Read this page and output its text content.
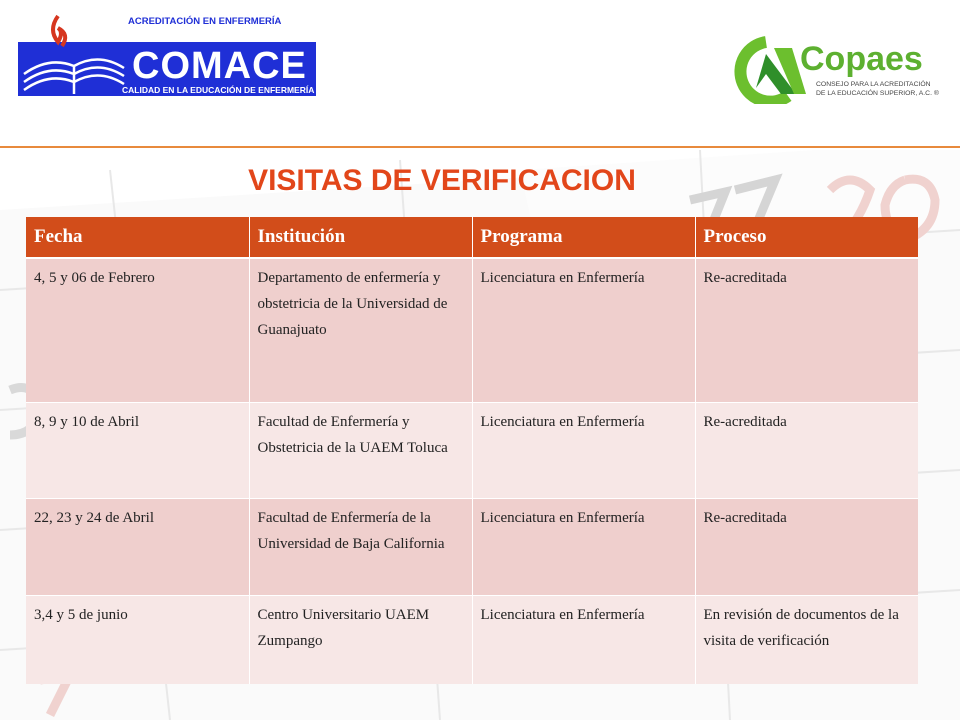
ACREDITACIÓN EN ENFERMERÍA
COMACE
CALIDAD EN LA EDUCACIÓN DE ENFERMERÍA
Copaes
CONSEJO PARA LA ACREDITACIÓN
DE LA EDUCACIÓN SUPERIOR, A.C. ®
VISITAS DE VERIFICACION
Fecha	Institución	Programa	Proceso
4, 5 y 06 de Febrero	Departamento de enfermería y obstetricia de la Universidad de Guanajuato	Licenciatura en Enfermería	Re-acreditada
8, 9 y 10 de Abril	Facultad de Enfermería y Obstetricia de la UAEM Toluca	Licenciatura en Enfermería	Re-acreditada
22, 23 y 24 de Abril	Facultad de Enfermería de la Universidad de Baja California	Licenciatura en Enfermería	Re-acreditada
3,4 y 5 de junio	Centro Universitario UAEM Zumpango	Licenciatura en Enfermería	En revisión de documentos de la visita de verificación
